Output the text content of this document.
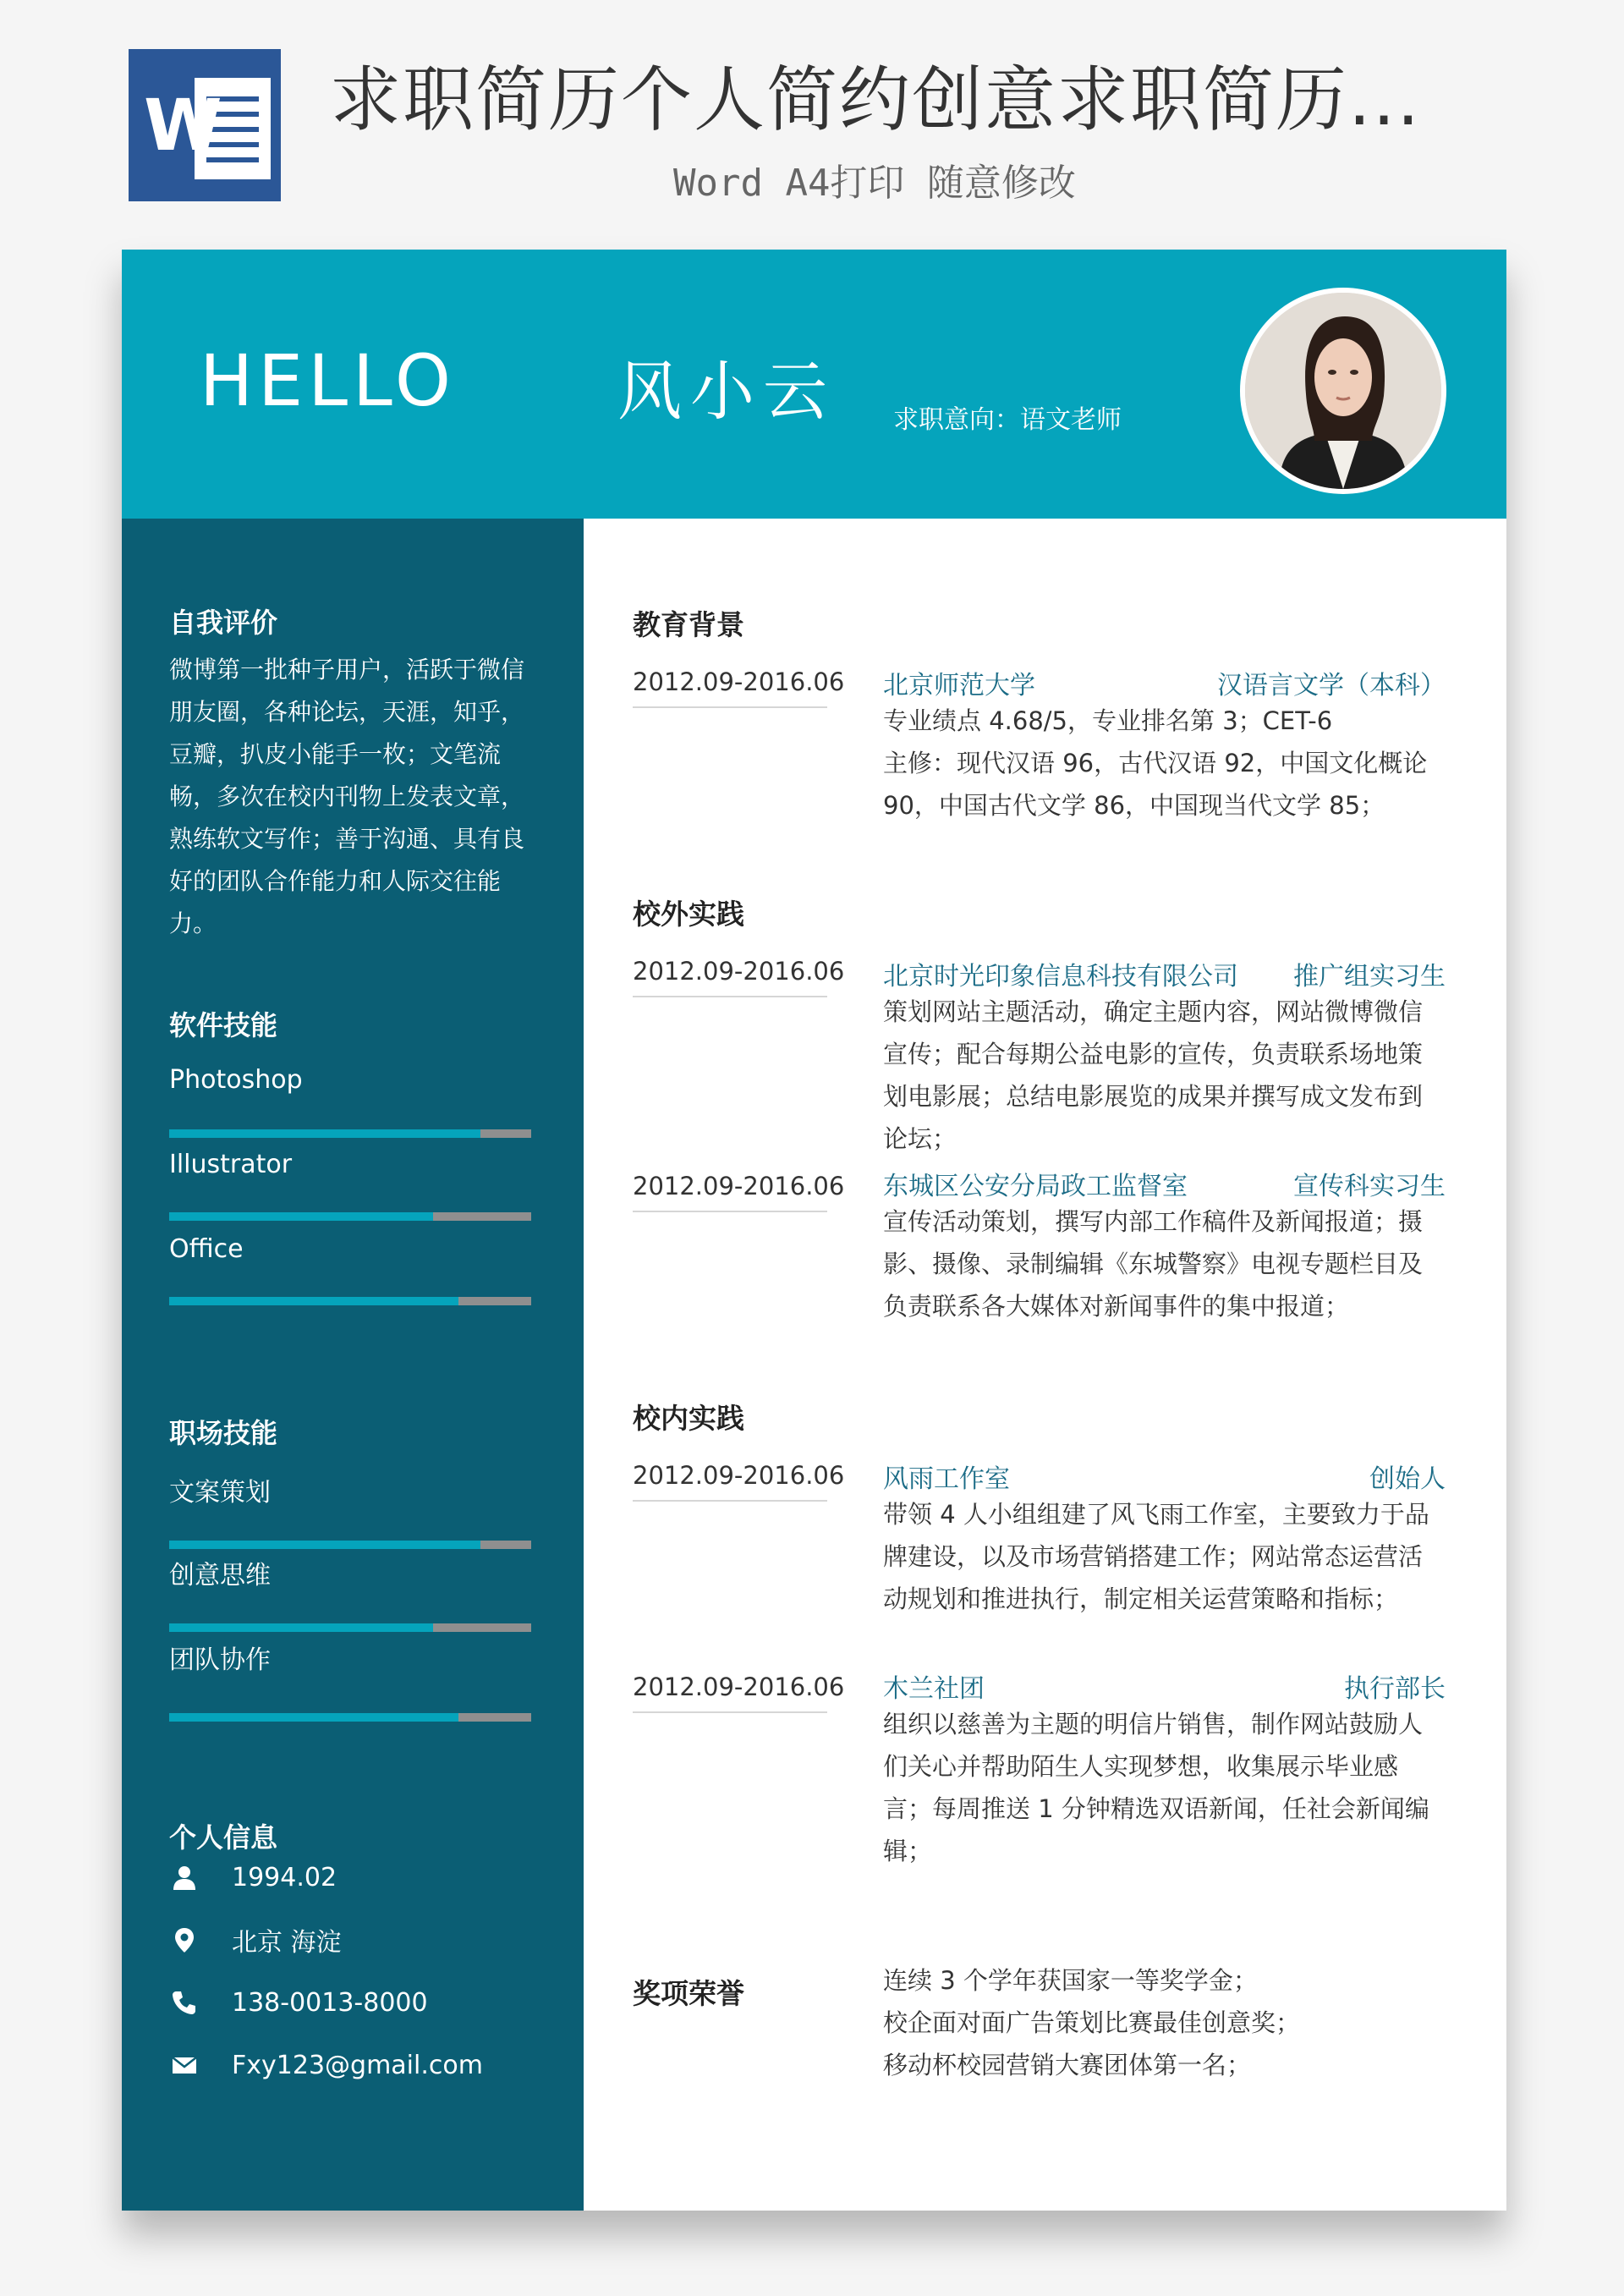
W 求职简历个人简约创意求职简历...
Word A4打印 随意修改
HELLO	风小云 求职意向：语文老师
自我评价
微博第一批种子用户，活跃于微信朋友圈，各种论坛，天涯，知乎，豆瓣，扒皮小能手一枚；文笔流畅，多次在校内刊物上发表文章，熟练软文写作；善于沟通、具有良好的团队合作能力和人际交往能力。
软件技能
Photoshop
Illustrator
Office
职场技能
文案策划
创意思维
团队协作
个人信息
1994.02
北京 海淀
138-0013-8000
Fxy123@gmail.com
教育背景
2012.09-2016.06 北京师范大学	汉语言文学（本科）
专业绩点 4.68/5，专业排名第 3；CET-6
主修：现代汉语 96，古代汉语 92，中国文化概论 90，中国古代文学 86，中国现当代文学 85；
校外实践
2012.09-2016.06 北京时光印象信息科技有限公司 推广组实习生
策划网站主题活动，确定主题内容，网站微博微信宣传；配合每期公益电影的宣传，负责联系场地策划电影展；总结电影展览的成果并撰写成文发布到论坛；
2012.09-2016.06 东城区公安分局政工监督室	宣传科实习生
宣传活动策划，撰写内部工作稿件及新闻报道；摄影、摄像、录制编辑《东城警察》电视专题栏目及负责联系各大媒体对新闻事件的集中报道；
校内实践
2012.09-2016.06 风雨工作室	创始人
带领 4 人小组组建了风飞雨工作室，主要致力于品牌建设，以及市场营销搭建工作；网站常态运营活动规划和推进执行，制定相关运营策略和指标；
2012.09-2016.06 木兰社团	执行部长
组织以慈善为主题的明信片销售，制作网站鼓励人们关心并帮助陌生人实现梦想，收集展示毕业感言；每周推送 1 分钟精选双语新闻，任社会新闻编辑；
奖项荣誉	连续 3 个学年获国家一等奖学金；
校企面对面广告策划比赛最佳创意奖；
移动杯校园营销大赛团体第一名；
